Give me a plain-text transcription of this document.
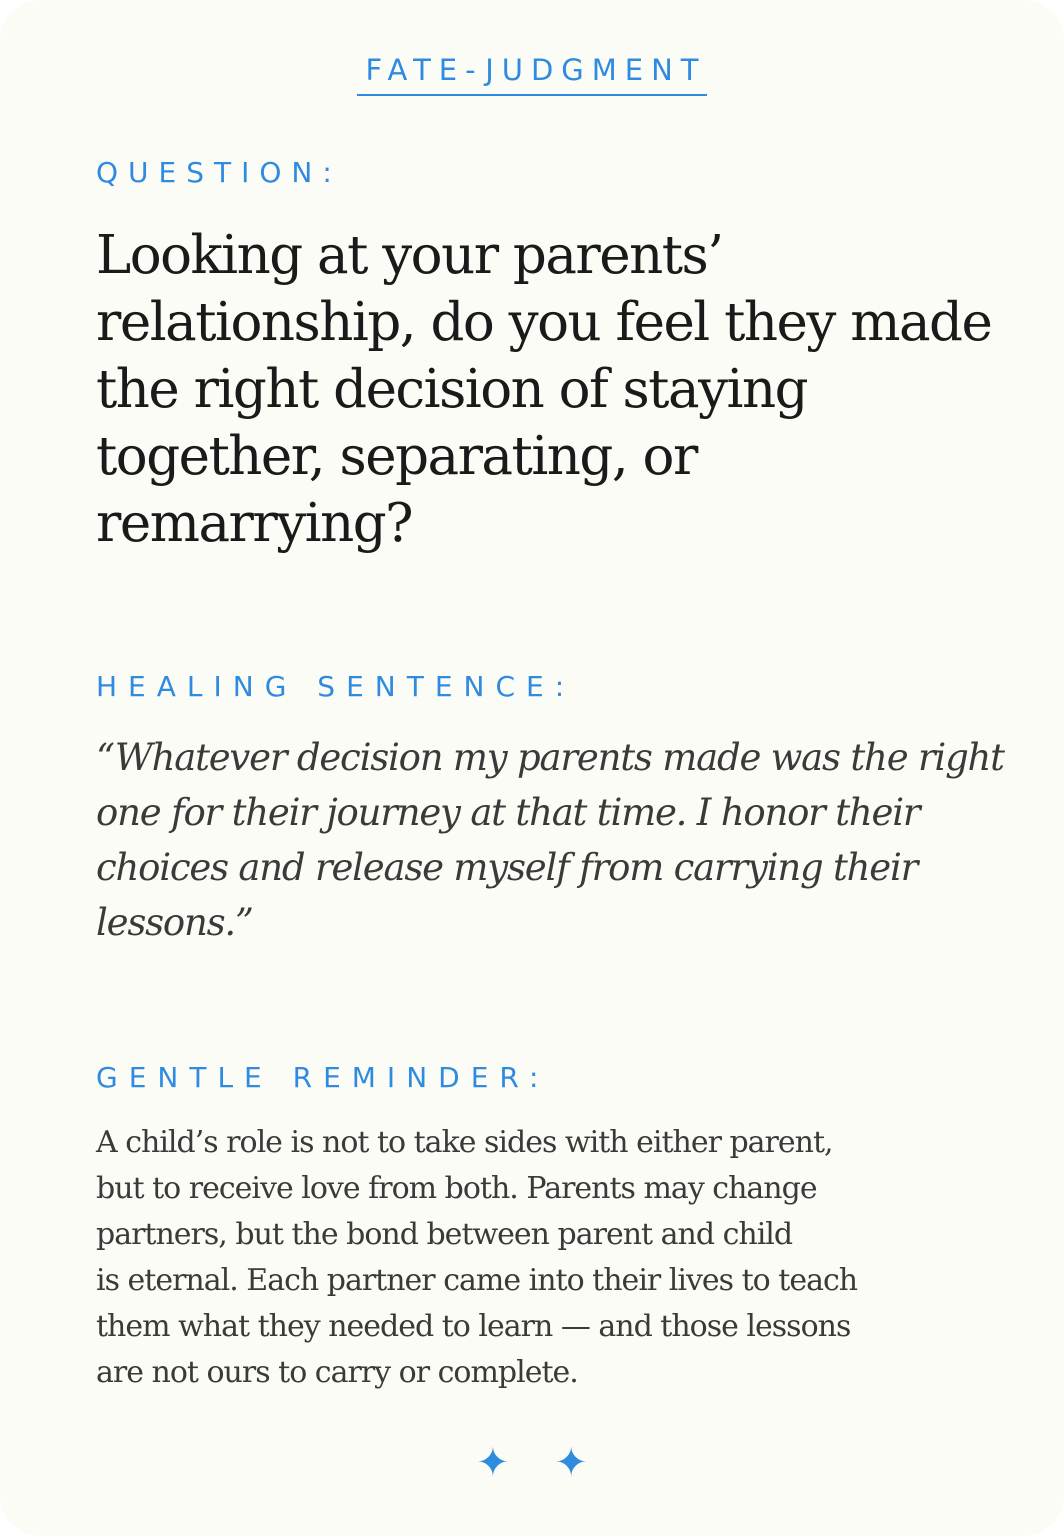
FATE-JUDGMENT
QUESTION:
Looking at your parents’ relationship, do you feel they made the right decision of staying together, separating, or remarrying?
HEALING SENTENCE:
“Whatever decision my parents made was the right one for their journey at that time. I honor their choices and release myself from carrying their lessons.”
GENTLE REMINDER:
A child’s role is not to take sides with either parent,
but to receive love from both. Parents may change
partners, but the bond between parent and child
is eternal. Each partner came into their lives to teach
them what they needed to learn — and those lessons
are not ours to carry or complete.
✦ ✦
